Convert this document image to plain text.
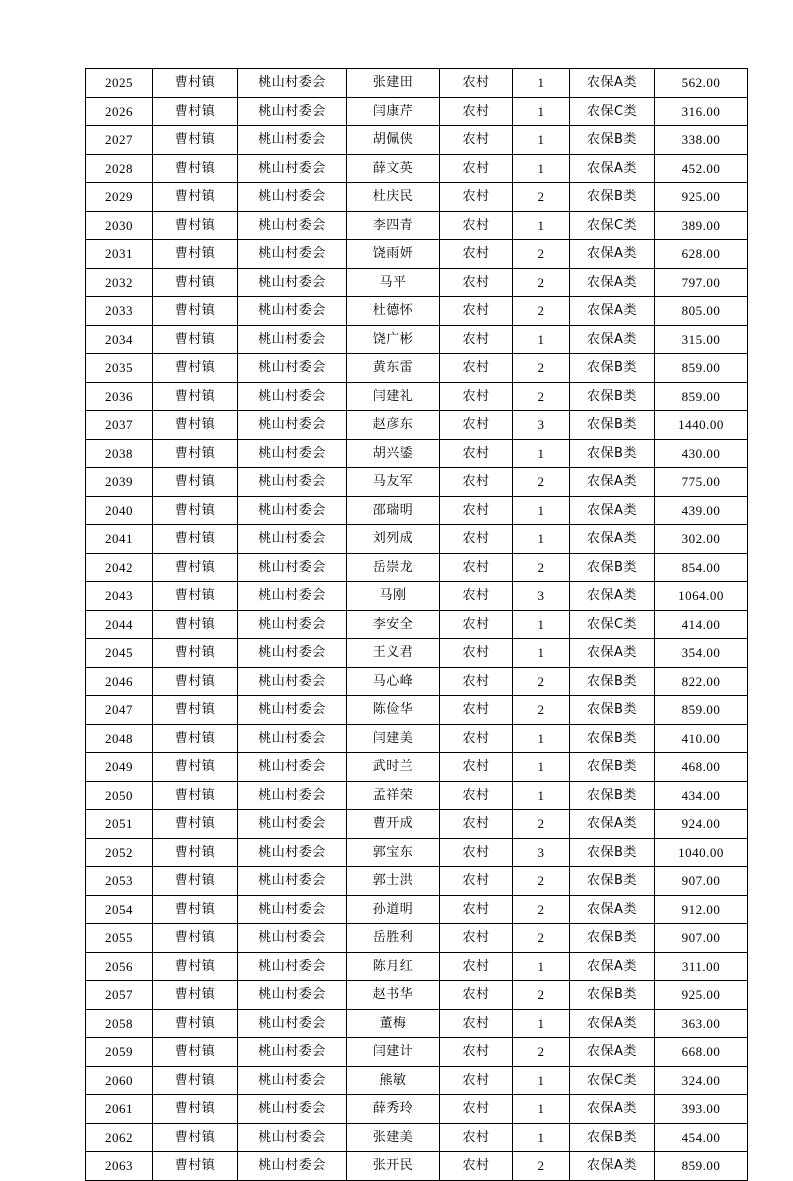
2025	曹村镇	桃山村委会	张建田	农村	1	农保A类	562.00
2026	曹村镇	桃山村委会	闫康芹	农村	1	农保C类	316.00
2027	曹村镇	桃山村委会	胡佩侠	农村	1	农保B类	338.00
2028	曹村镇	桃山村委会	薛文英	农村	1	农保A类	452.00
2029	曹村镇	桃山村委会	杜庆民	农村	2	农保B类	925.00
2030	曹村镇	桃山村委会	李四青	农村	1	农保C类	389.00
2031	曹村镇	桃山村委会	饶雨妍	农村	2	农保A类	628.00
2032	曹村镇	桃山村委会	马平	农村	2	农保A类	797.00
2033	曹村镇	桃山村委会	杜德怀	农村	2	农保A类	805.00
2034	曹村镇	桃山村委会	饶广彬	农村	1	农保A类	315.00
2035	曹村镇	桃山村委会	黄东雷	农村	2	农保B类	859.00
2036	曹村镇	桃山村委会	闫建礼	农村	2	农保B类	859.00
2037	曹村镇	桃山村委会	赵彦东	农村	3	农保B类	1440.00
2038	曹村镇	桃山村委会	胡兴鋈	农村	1	农保B类	430.00
2039	曹村镇	桃山村委会	马友军	农村	2	农保A类	775.00
2040	曹村镇	桃山村委会	邵瑞明	农村	1	农保A类	439.00
2041	曹村镇	桃山村委会	刘列成	农村	1	农保A类	302.00
2042	曹村镇	桃山村委会	岳崇龙	农村	2	农保B类	854.00
2043	曹村镇	桃山村委会	马刚	农村	3	农保A类	1064.00
2044	曹村镇	桃山村委会	李安全	农村	1	农保C类	414.00
2045	曹村镇	桃山村委会	王义君	农村	1	农保A类	354.00
2046	曹村镇	桃山村委会	马心峰	农村	2	农保B类	822.00
2047	曹村镇	桃山村委会	陈俭华	农村	2	农保B类	859.00
2048	曹村镇	桃山村委会	闫建美	农村	1	农保B类	410.00
2049	曹村镇	桃山村委会	武时兰	农村	1	农保B类	468.00
2050	曹村镇	桃山村委会	孟祥荣	农村	1	农保B类	434.00
2051	曹村镇	桃山村委会	曹开成	农村	2	农保A类	924.00
2052	曹村镇	桃山村委会	郭宝东	农村	3	农保B类	1040.00
2053	曹村镇	桃山村委会	郭士洪	农村	2	农保B类	907.00
2054	曹村镇	桃山村委会	孙道明	农村	2	农保A类	912.00
2055	曹村镇	桃山村委会	岳胜利	农村	2	农保B类	907.00
2056	曹村镇	桃山村委会	陈月红	农村	1	农保A类	311.00
2057	曹村镇	桃山村委会	赵书华	农村	2	农保B类	925.00
2058	曹村镇	桃山村委会	董梅	农村	1	农保A类	363.00
2059	曹村镇	桃山村委会	闫建计	农村	2	农保A类	668.00
2060	曹村镇	桃山村委会	熊敏	农村	1	农保C类	324.00
2061	曹村镇	桃山村委会	薛秀玲	农村	1	农保A类	393.00
2062	曹村镇	桃山村委会	张建美	农村	1	农保B类	454.00
2063	曹村镇	桃山村委会	张开民	农村	2	农保A类	859.00
